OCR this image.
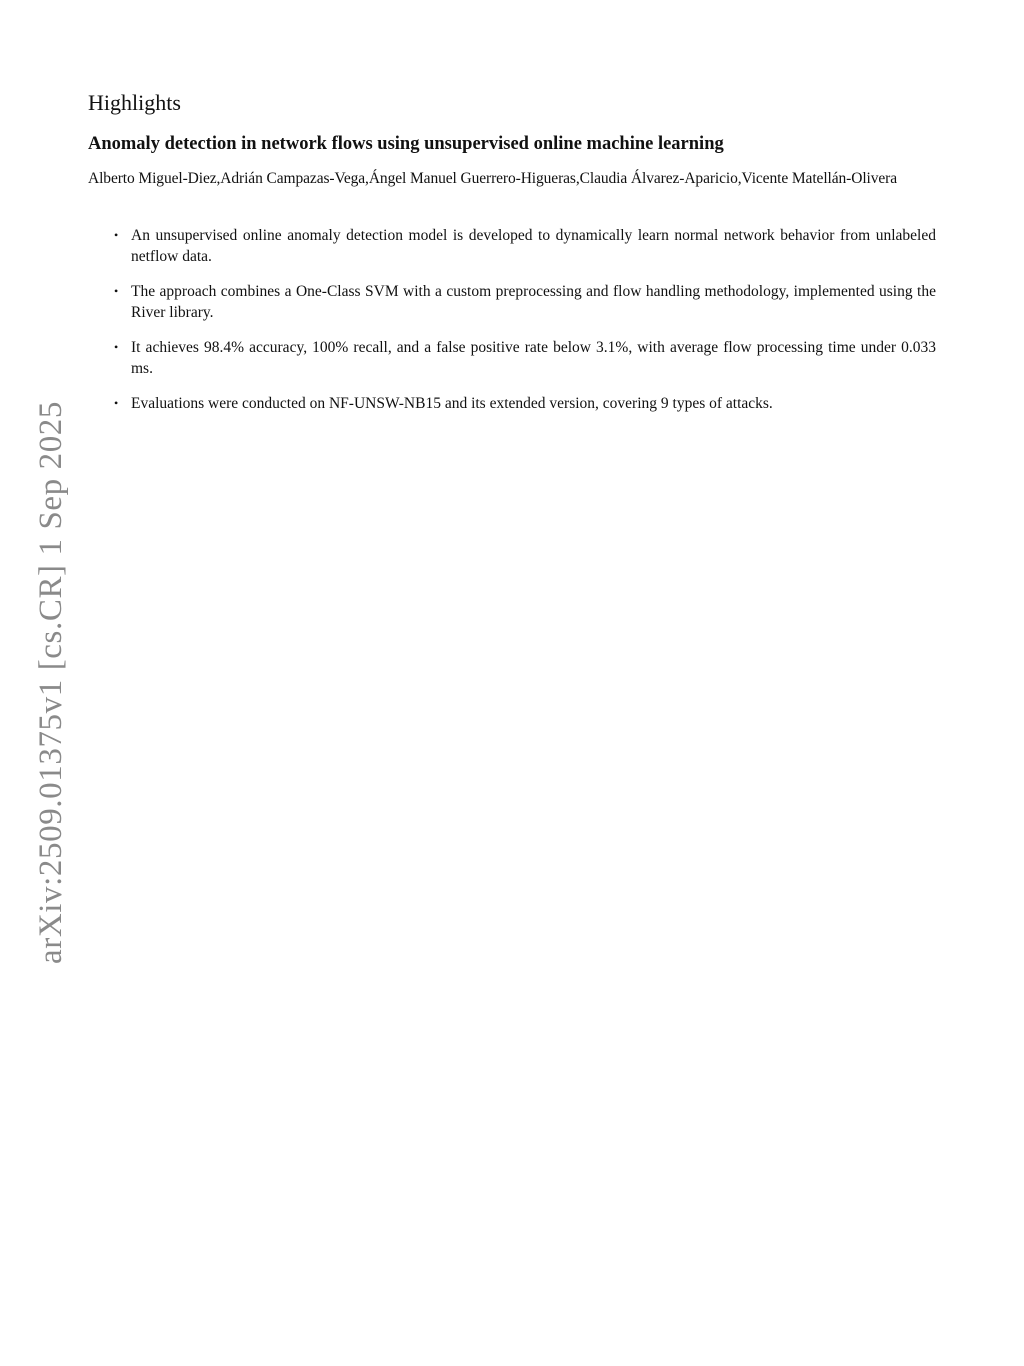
arXiv:2509.01375v1 [cs.CR] 1 Sep 2025
Highlights
Anomaly detection in network flows using unsupervised online machine learning
Alberto Miguel-Diez,Adrián Campazas-Vega,Ángel Manuel Guerrero-Higueras,Claudia Álvarez-Aparicio,Vicente Matellán-Olivera
• An unsupervised online anomaly detection model is developed to dynamically learn normal network behavior from unlabeled netflow data.
• The approach combines a One-Class SVM with a custom preprocessing and flow handling methodology, implemented using the River library.
• It achieves 98.4% accuracy, 100% recall, and a false positive rate below 3.1%, with average flow processing time under 0.033 ms.
• Evaluations were conducted on NF-UNSW-NB15 and its extended version, covering 9 types of attacks.
